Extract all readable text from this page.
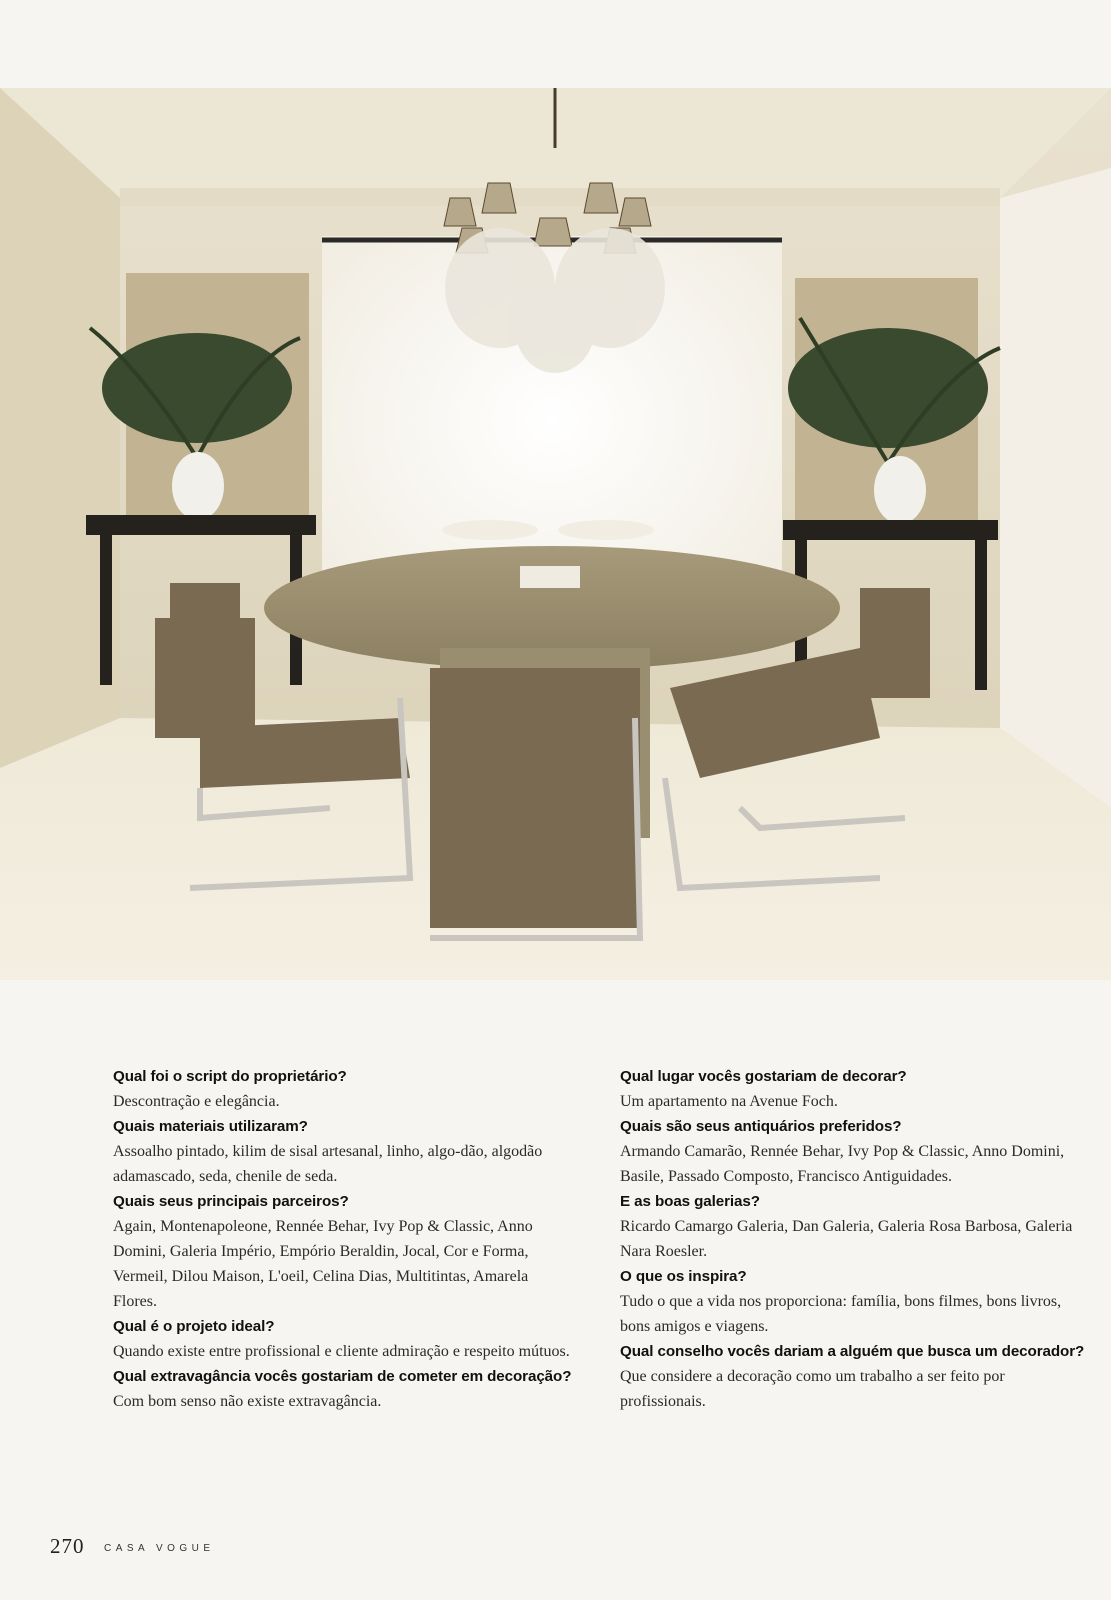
Qual foi o script do proprietário?
Descontração e elegância.
Quais materiais utilizaram?
Assoalho pintado, kilim de sisal artesanal, linho, algo-dão, algodão adamascado, seda, chenile de seda.
Quais seus principais parceiros?
Again, Montenapoleone, Rennée Behar, Ivy Pop & Classic, Anno Domini, Galeria Império, Empório Beraldin, Jocal, Cor e Forma, Vermeil, Dilou Maison, L'oeil, Celina Dias, Multitintas, Amarela Flores.
Qual é o projeto ideal?
Quando existe entre profissional e cliente admiração e respeito mútuos.
Qual extravagância vocês gostariam de cometer em decoração?
Com bom senso não existe extravagância.
Qual lugar vocês gostariam de decorar?
Um apartamento na Avenue Foch.
Quais são seus antiquários preferidos?
Armando Camarão, Rennée Behar, Ivy Pop & Classic, Anno Domini, Basile, Passado Composto, Francisco Antiguidades.
E as boas galerias?
Ricardo Camargo Galeria, Dan Galeria, Galeria Rosa Barbosa, Galeria Nara Roesler.
O que os inspira?
Tudo o que a vida nos proporciona: família, bons filmes, bons livros, bons amigos e viagens.
Qual conselho vocês dariam a alguém que busca um decorador?
Que considere a decoração como um trabalho a ser feito por profissionais.
270 CASA VOGUE
